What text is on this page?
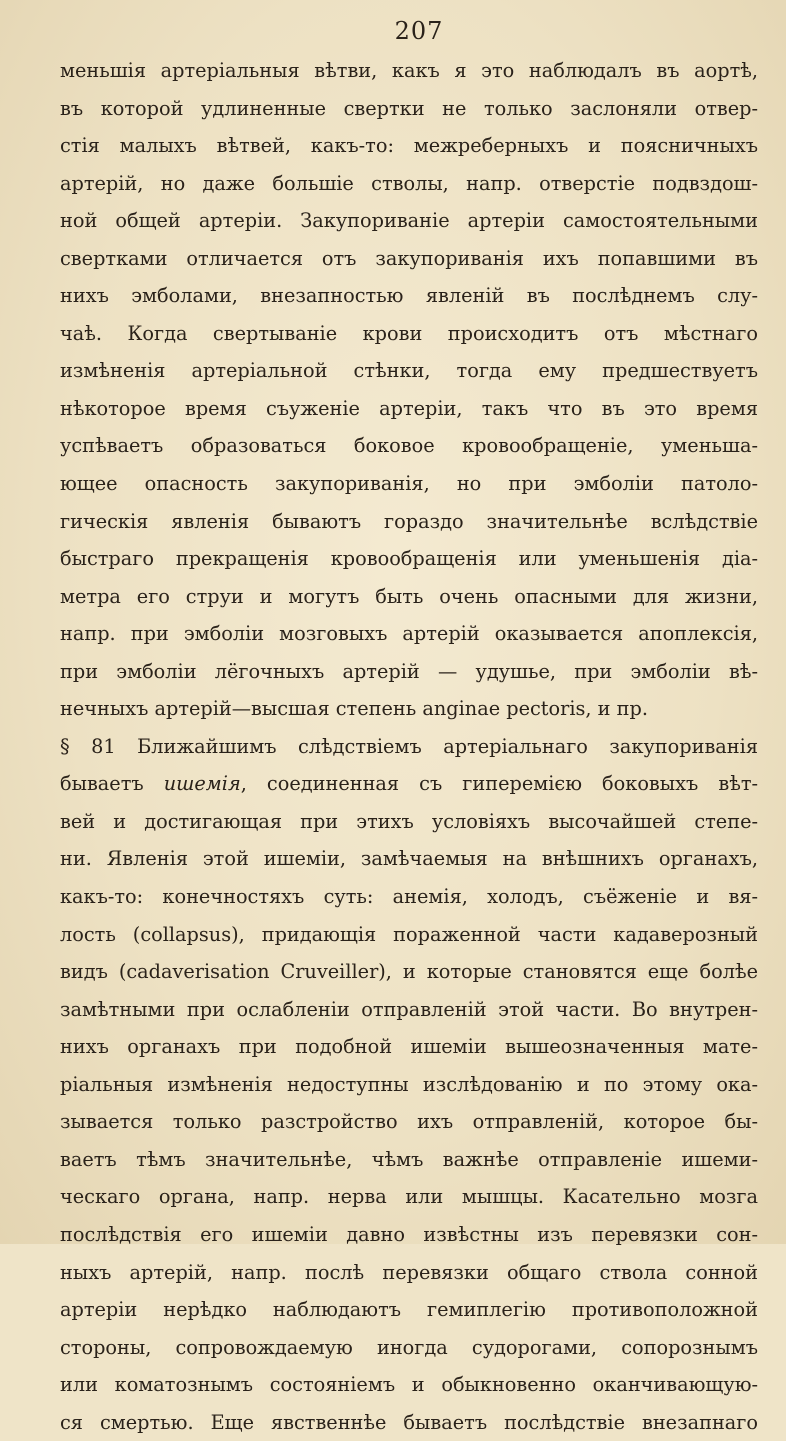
207

меньшія артеріальныя вѣтви, какъ я это наблюдалъ въ аортѣ,

въ которой удлиненные свертки не только заслоняли отвер-

стія малыхъ вѣтвей, какъ-то: межреберныхъ и поясничныхъ

артерій, но даже большіе стволы, напр. отверстіе подвздош-

ной общей артеріи. Закупориваніе артеріи самостоятельными

свертками отличается отъ закупориванія ихъ попавшими въ

нихъ эмболами, внезапностью явленій въ послѣднемъ слу-

чаѣ. Когда свертываніе крови происходитъ отъ мѣстнаго

измѣненія артеріальной стѣнки, тогда ему предшествуетъ

нѣкоторое время съуженіе артеріи, такъ что въ это время

успѣваетъ образоваться боковое кровообращеніе, уменьша-

ющее опасность закупориванія, но при эмболіи патоло-

гическія явленія бываютъ гораздо значительнѣе вслѣдствіе

быстраго прекращенія кровообращенія или уменьшенія діа-

метра его струи и могутъ быть очень опасными для жизни,

напр. при эмболіи мозговыхъ артерій оказывается апоплексія,

при эмболіи лёгочныхъ артерій — удушье, при эмболіи вѣ-

нечныхъ артерій—высшая степень anginae pectoris, и пр.

§ 81 Ближайшимъ слѣдствіемъ артеріальнаго закупориванія

бываетъ ишемія, соединенная съ гиперемією боковыхъ вѣт-

вей и достигающая при этихъ условіяхъ высочайшей степе-

ни. Явленія этой ишеміи, замѣчаемыя на внѣшнихъ органахъ,

какъ-то: конечностяхъ суть: анемія, холодъ, съёженіе и вя-

лость (collapsus), придающія пораженной части кадаверозный

видъ (cadaverisation Cruveiller), и которые становятся еще болѣе

замѣтными при ослабленіи отправленій этой части. Во внутрен-

нихъ органахъ при подобной ишеміи вышеозначенныя мате-

ріальныя измѣненія недоступны изслѣдованію и по этому ока-

зывается только разстройство ихъ отправленій, которое бы-

ваетъ тѣмъ значительнѣе, чѣмъ важнѣе отправленіе ишеми-

ческаго органа, напр. нерва или мышцы. Касательно мозга

послѣдствія его ишеміи давно извѣстны изъ перевязки сон-

ныхъ артерій, напр. послѣ перевязки общаго ствола сонной

артеріи нерѣдко наблюдаютъ гемиплегію противоположной

стороны, сопровождаемую иногда судорогами, сопорознымъ

или коматознымъ состояніемъ и обыкновенно оканчивающую-

ся смертью. Еще явственнѣе бываетъ послѣдствіе внезапнаго
